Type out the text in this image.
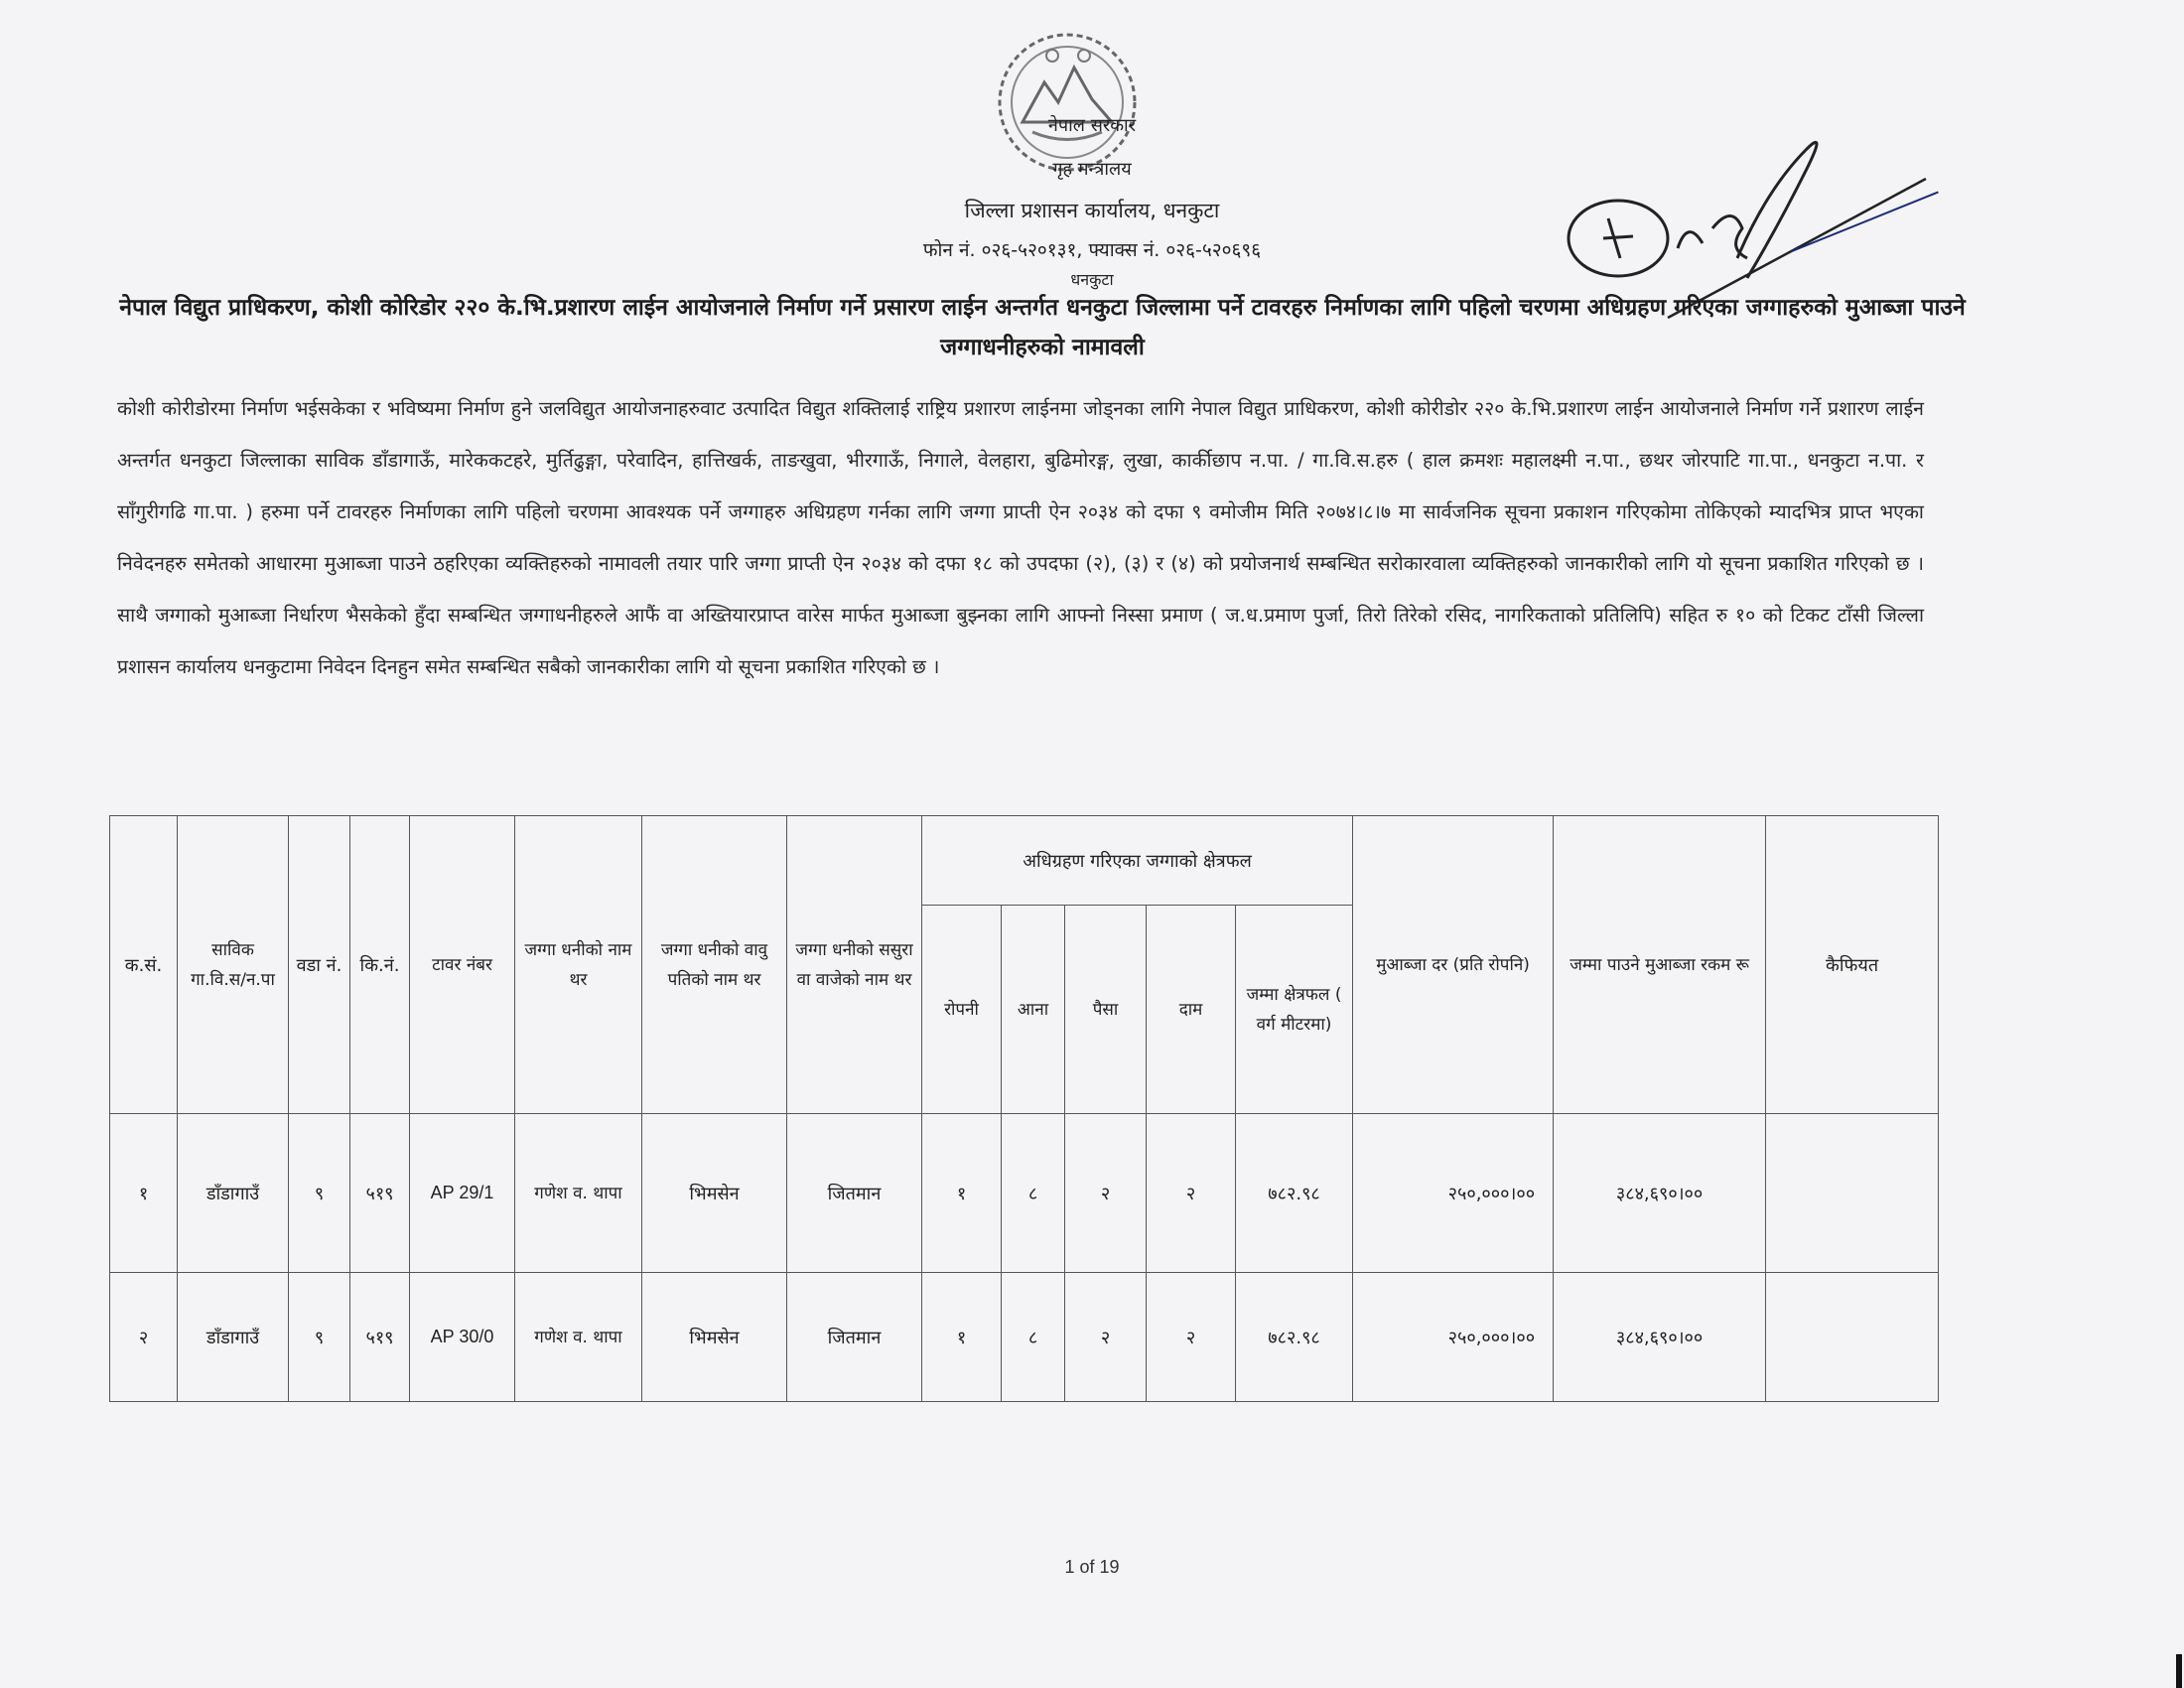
नेपाल सरकार
गृह मन्त्रालय
जिल्ला प्रशासन कार्यालय, धनकुटा
फोन नं. ०२६-५२०१३१, फ्याक्स नं. ०२६-५२०६९६
धनकुटा
नेपाल विद्युत प्राधिकरण, कोशी कोरिडोर २२० के.भि.प्रशारण लाईन आयोजनाले निर्माण गर्ने प्रसारण लाईन अन्तर्गत धनकुटा जिल्लामा पर्ने टावरहरु निर्माणका लागि पहिलो चरणमा अधिग्रहण गरिएका जग्गाहरुको मुआब्जा पाउने जग्गाधनीहरुको नामावली
कोशी कोरीडोरमा निर्माण भईसकेका र भविष्यमा निर्माण हुने जलविद्युत आयोजनाहरुवाट उत्पादित विद्युत शक्तिलाई राष्ट्रिय प्रशारण लाईनमा जोड्नका लागि नेपाल विद्युत प्राधिकरण, कोशी कोरीडोर २२० के.भि.प्रशारण लाईन आयोजनाले निर्माण गर्ने प्रशारण लाईन अन्तर्गत धनकुटा जिल्लाका साविक डाँडागाऊँ, मारेककटहरे, मुर्तिढुङ्गा, परेवादिन, हात्तिखर्क, ताङखुवा, भीरगाऊँ, निगाले, वेलहारा, बुढिमोरङ्ग, लुखा, कार्कीछाप न.पा. / गा.वि.स.हरु ( हाल क्रमशः महालक्ष्मी न.पा., छथर जोरपाटि गा.पा., धनकुटा न.पा. र साँगुरीगढि गा.पा. ) हरुमा पर्ने टावरहरु निर्माणका लागि पहिलो चरणमा आवश्यक पर्ने जग्गाहरु अधिग्रहण गर्नका लागि जग्गा प्राप्ती ऐन २०३४ को दफा ९ वमोजीम मिति २०७४।८।७ मा सार्वजनिक सूचना प्रकाशन गरिएकोमा तोकिएको म्यादभित्र प्राप्त भएका निवेदनहरु समेतको आधारमा मुआब्जा पाउने ठहरिएका व्यक्तिहरुको नामावली तयार पारि जग्गा प्राप्ती ऐन २०३४ को दफा १८ को उपदफा (२), (३) र (४) को प्रयोजनार्थ सम्बन्धित सरोकारवाला व्यक्तिहरुको जानकारीको लागि यो सूचना प्रकाशित गरिएको छ । साथै जग्गाको मुआब्जा निर्धारण भैसकेको हुँदा सम्बन्धित जग्गाधनीहरुले आफैं वा अख्तियारप्राप्त वारेस मार्फत मुआब्जा बुझ्नका लागि आफ्नो निस्सा प्रमाण ( ज.ध.प्रमाण पुर्जा, तिरो तिरेको रसिद, नागरिकताको प्रतिलिपि) सहित रु १० को टिकट टाँसी जिल्ला प्रशासन कार्यालय धनकुटामा निवेदन दिनहुन समेत सम्बन्धित सबैको जानकारीका लागि यो सूचना प्रकाशित गरिएको छ ।
क.सं.	साविक गा.वि.स/न.पा	वडा नं.	कि.नं.	टावर नंबर	जग्गा धनीको नाम थर	जग्गा धनीको वावु पतिको नाम थर	जग्गा धनीको ससुरा वा वाजेको नाम थर	अधिग्रहण गरिएका जग्गाको क्षेत्रफल					मुआब्जा दर (प्रति रोपनि)	जम्मा पाउने मुआब्जा रकम रू	कैफियत
								रोपनी	आना	पैसा	दाम	जम्मा क्षेत्रफल ( वर्ग मीटरमा)			
१	डाँडागाउँ	९	५१९	AP 29/1	गणेश व. थापा	भिमसेन	जितमान	१	८	२	२	७८२.९८	२५०,०००।००	३८४,६९०।००	
२	डाँडागाउँ	९	५१९	AP 30/0	गणेश व. थापा	भिमसेन	जितमान	१	८	२	२	७८२.९८	२५०,०००।००	३८४,६९०।००	
1 of 19
